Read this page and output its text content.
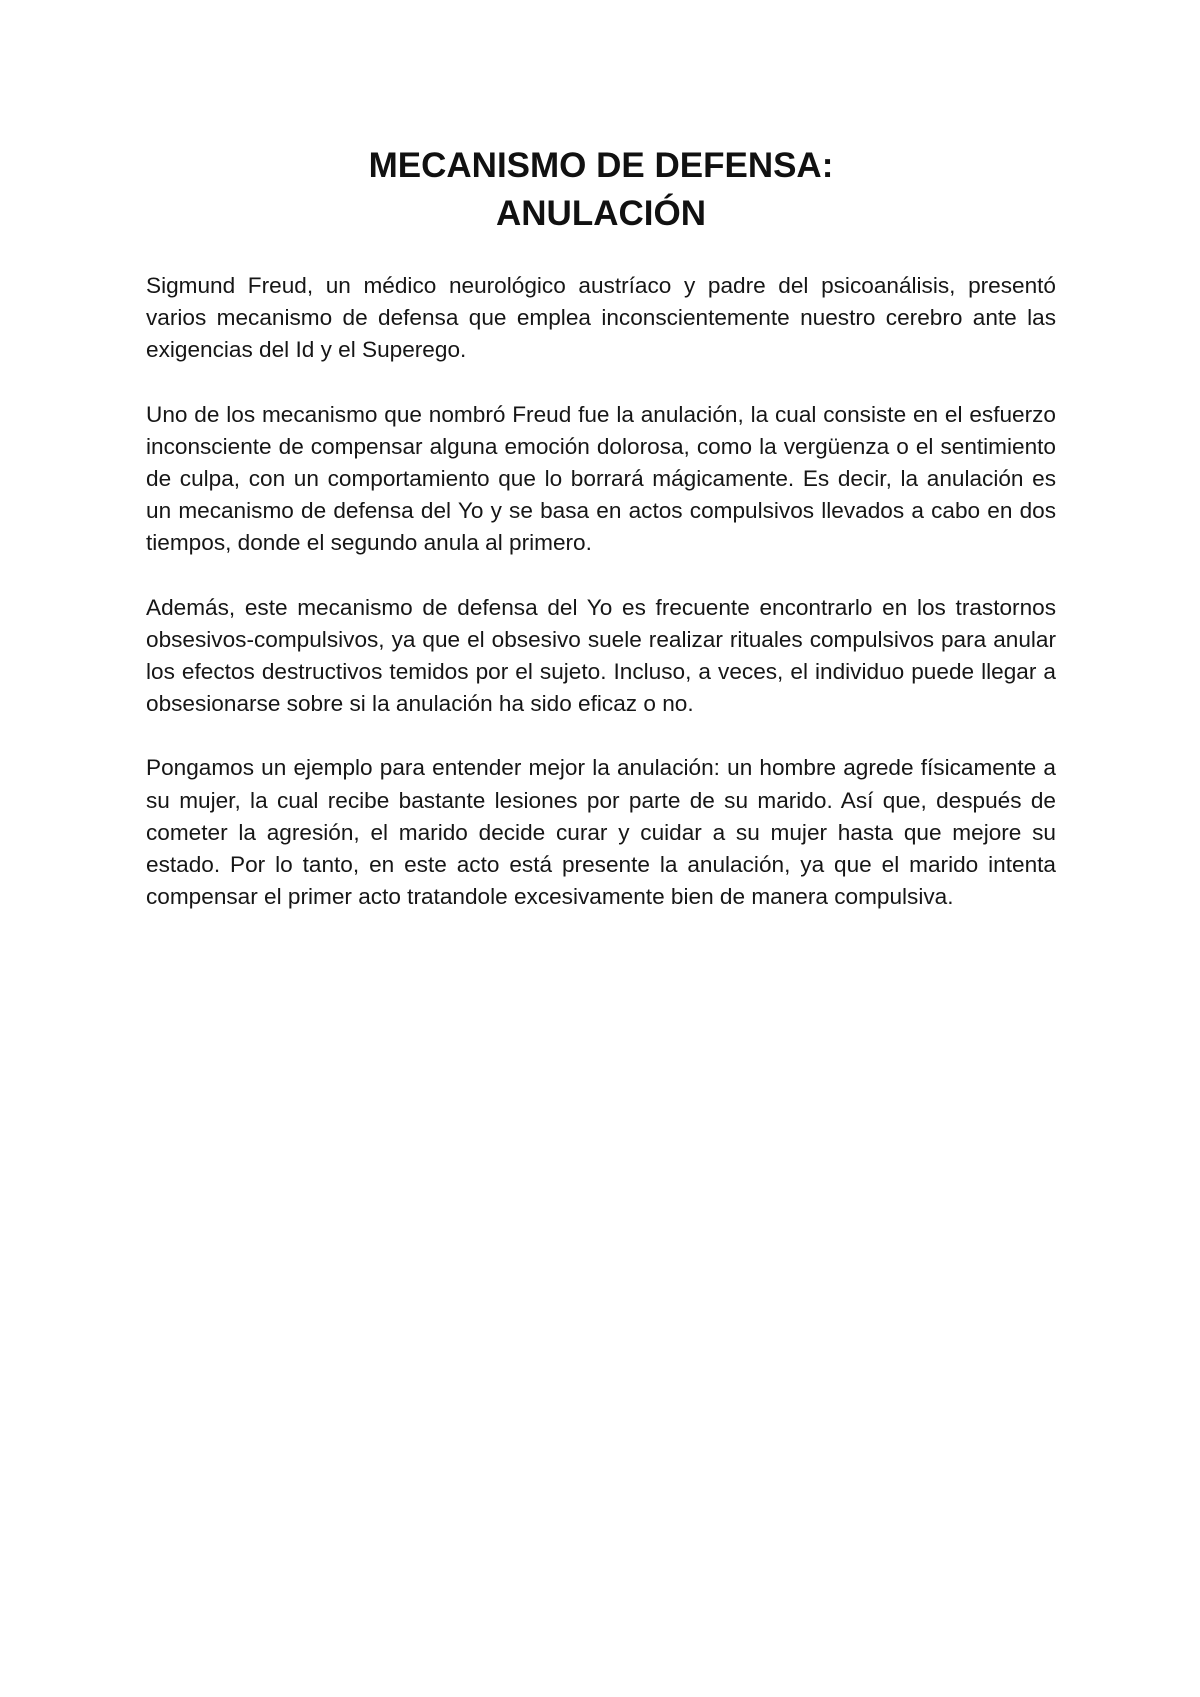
MECANISMO DE DEFENSA:
ANULACIÓN

Sigmund Freud, un médico neurológico austríaco y padre del psicoanálisis, presentó varios mecanismo de defensa que emplea inconscientemente nuestro cerebro ante las exigencias del Id y el Superego.

Uno de los mecanismo que nombró Freud fue la anulación, la cual consiste en el esfuerzo inconsciente de compensar alguna emoción dolorosa, como la vergüenza o el sentimiento de culpa, con un comportamiento que lo borrará mágicamente. Es decir, la anulación es un mecanismo de defensa del Yo y se basa en actos compulsivos llevados a cabo en dos tiempos, donde el segundo anula al primero.

Además, este mecanismo de defensa del Yo es frecuente encontrarlo en los trastornos obsesivos-compulsivos, ya que el obsesivo suele realizar rituales compulsivos para anular los efectos destructivos temidos por el sujeto. Incluso, a veces, el individuo puede llegar a obsesionarse sobre si la anulación ha sido eficaz o no.

Pongamos un ejemplo para entender mejor la anulación: un hombre agrede físicamente a su mujer, la cual recibe bastante lesiones por parte de su marido. Así que, después de cometer la agresión, el marido decide curar y cuidar a su mujer hasta que mejore su estado. Por lo tanto, en este acto está presente la anulación, ya que el marido intenta compensar el primer acto tratandole excesivamente bien de manera compulsiva.
